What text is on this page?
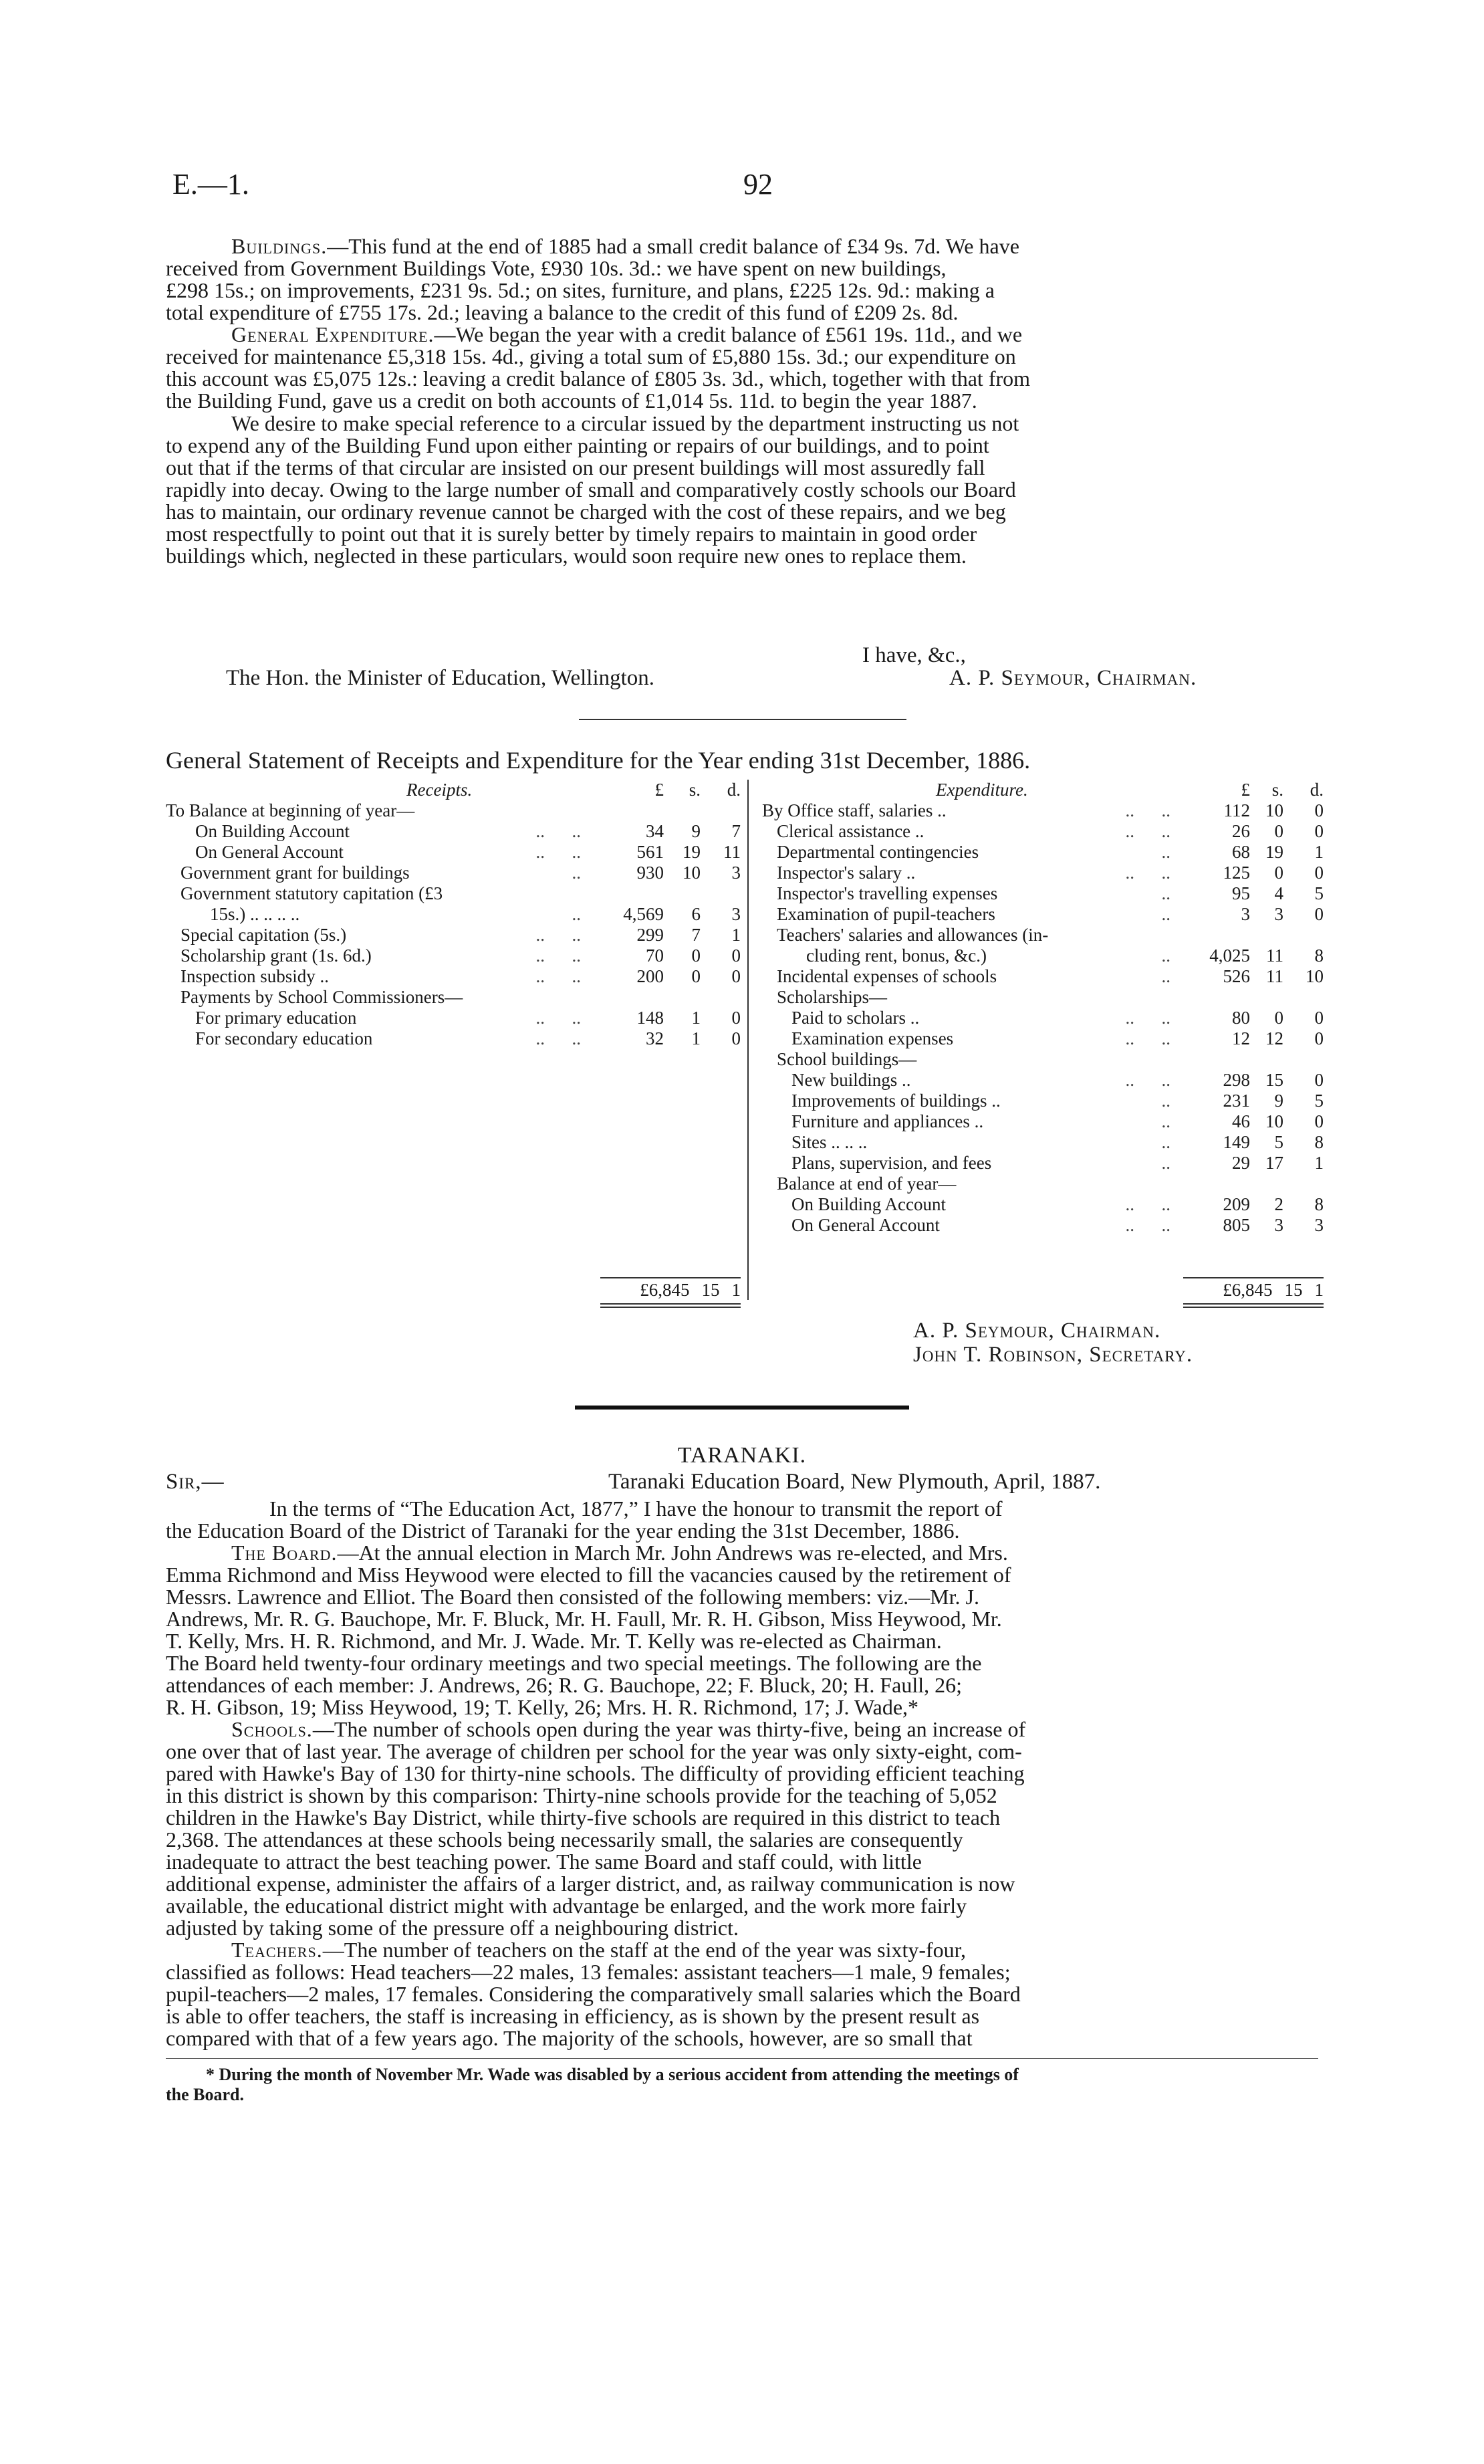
E.—1.	92
Buildings.—This fund at the end of 1885 had a small credit balance of £34 9s. 7d. We have
received from Government Buildings Vote, £930 10s. 3d.: we have spent on new buildings,
£298 15s.; on improvements, £231 9s. 5d.; on sites, furniture, and plans, £225 12s. 9d.: making a
total expenditure of £755 17s. 2d.; leaving a balance to the credit of this fund of £209 2s. 8d.
General Expenditure.—We began the year with a credit balance of £561 19s. 11d., and we
received for maintenance £5,318 15s. 4d., giving a total sum of £5,880 15s. 3d.; our expenditure on
this account was £5,075 12s.: leaving a credit balance of £805 3s. 3d., which, together with that from
the Building Fund, gave us a credit on both accounts of £1,014 5s. 11d. to begin the year 1887.
We desire to make special reference to a circular issued by the department instructing us not
to expend any of the Building Fund upon either painting or repairs of our buildings, and to point
out that if the terms of that circular are insisted on our present buildings will most assuredly fall
rapidly into decay. Owing to the large number of small and comparatively costly schools our Board
has to maintain, our ordinary revenue cannot be charged with the cost of these repairs, and we beg
most respectfully to point out that it is surely better by timely repairs to maintain in good order
buildings which, neglected in these particulars, would soon require new ones to replace them.
I have, &c.,
The Hon. the Minister of Education, Wellington.	A. P. Seymour, Chairman.
General Statement of Receipts and Expenditure for the Year ending 31st December, 1886.
Receipts.	£	s.	d.
To Balance at beginning of year—

On Building Account ..      ..	34	9	7
On General Account ..      ..	561	19	11
Government grant for buildings ..	930	10	3
Government statutory capitation (£3

15s.) .. .. .. .. ..	4,569	6	3
Special capitation (5s.) ..      ..	299	7	1
Scholarship grant (1s. 6d.) ..      ..	70	0	0
Inspection subsidy .. ..      ..	200	0	0
Payments by School Commissioners—

For primary education ..      ..	148	1	0
For secondary education ..      ..	32	1	0
Expenditure.	£	s.	d.
By Office staff, salaries .. ..      ..	112	10	0
Clerical assistance .. ..      ..	26	0	0
Departmental contingencies ..	68	19	1
Inspector's salary .. ..      ..	125	0	0
Inspector's travelling expenses ..	95	4	5
Examination of pupil-teachers ..	3	3	0
Teachers' salaries and allowances (in-

cluding rent, bonus, &c.) ..	4,025	11	8
Incidental expenses of schools ..	526	11	10
Scholarships—

Paid to scholars .. ..      ..	80	0	0
Examination expenses ..      ..	12	12	0
School buildings—

New buildings .. ..      ..	298	15	0
Improvements of buildings .. ..	231	9	5
Furniture and appliances .. ..	46	10	0
Sites .. .. .. ..	149	5	8
Plans, supervision, and fees ..	29	17	1
Balance at end of year—

On Building Account ..      ..	209	2	8
On General Account ..      ..	805	3	3
£6,845 15 1	£6,845 15 1
A. P. Seymour, Chairman.
John T. Robinson, Secretary.
TARANAKI.
Sir,—	Taranaki Education Board, New Plymouth, April, 1887.
In the terms of “The Education Act, 1877,” I have the honour to transmit the report of
the Education Board of the District of Taranaki for the year ending the 31st December, 1886.
The Board.—At the annual election in March Mr. John Andrews was re-elected, and Mrs.
Emma Richmond and Miss Heywood were elected to fill the vacancies caused by the retirement of
Messrs. Lawrence and Elliot. The Board then consisted of the following members: viz.—Mr. J.
Andrews, Mr. R. G. Bauchope, Mr. F. Bluck, Mr. H. Faull, Mr. R. H. Gibson, Miss Heywood, Mr.
T. Kelly, Mrs. H. R. Richmond, and Mr. J. Wade. Mr. T. Kelly was re-elected as Chairman.
The Board held twenty-four ordinary meetings and two special meetings. The following are the
attendances of each member: J. Andrews, 26; R. G. Bauchope, 22; F. Bluck, 20; H. Faull, 26;
R. H. Gibson, 19; Miss Heywood, 19; T. Kelly, 26; Mrs. H. R. Richmond, 17; J. Wade,*
Schools.—The number of schools open during the year was thirty-five, being an increase of
one over that of last year. The average of children per school for the year was only sixty-eight, com-
pared with Hawke's Bay of 130 for thirty-nine schools. The difficulty of providing efficient teaching
in this district is shown by this comparison: Thirty-nine schools provide for the teaching of 5,052
children in the Hawke's Bay District, while thirty-five schools are required in this district to teach
2,368. The attendances at these schools being necessarily small, the salaries are consequently
inadequate to attract the best teaching power. The same Board and staff could, with little
additional expense, administer the affairs of a larger district, and, as railway communication is now
available, the educational district might with advantage be enlarged, and the work more fairly
adjusted by taking some of the pressure off a neighbouring district.
Teachers.—The number of teachers on the staff at the end of the year was sixty-four,
classified as follows: Head teachers—22 males, 13 females: assistant teachers—1 male, 9 females;
pupil-teachers—2 males, 17 females. Considering the comparatively small salaries which the Board
is able to offer teachers, the staff is increasing in efficiency, as is shown by the present result as
compared with that of a few years ago. The majority of the schools, however, are so small that
* During the month of November Mr. Wade was disabled by a serious accident from attending the meetings of
the Board.
